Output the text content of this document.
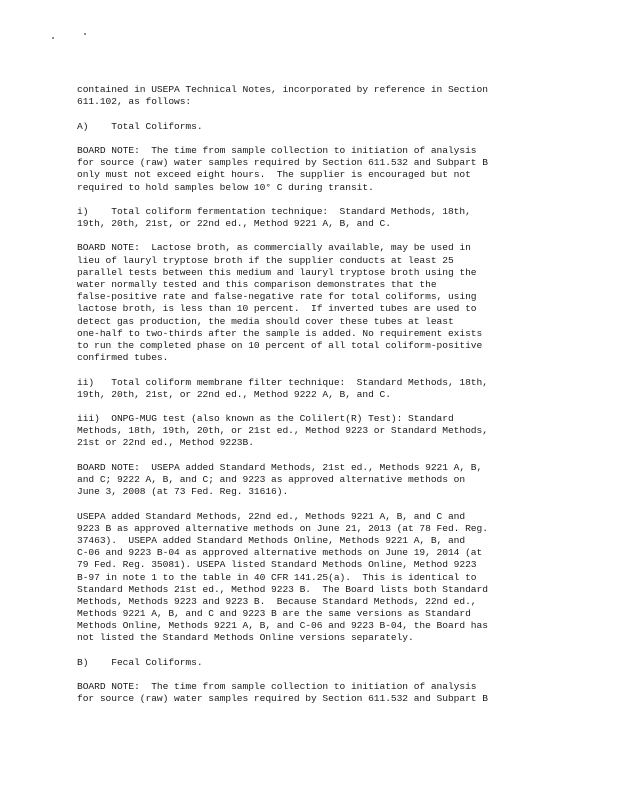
contained in USEPA Technical Notes, incorporated by reference in Section
611.102, as follows:
A)    Total Coliforms.
BOARD NOTE:  The time from sample collection to initiation of analysis
for source (raw) water samples required by Section 611.532 and Subpart B
only must not exceed eight hours.  The supplier is encouraged but not
required to hold samples below 10° C during transit.
i)    Total coliform fermentation technique:  Standard Methods, 18th,
19th, 20th, 21st, or 22nd ed., Method 9221 A, B, and C.
BOARD NOTE:  Lactose broth, as commercially available, may be used in
lieu of lauryl tryptose broth if the supplier conducts at least 25
parallel tests between this medium and lauryl tryptose broth using the
water normally tested and this comparison demonstrates that the
false-positive rate and false-negative rate for total coliforms, using
lactose broth, is less than 10 percent.  If inverted tubes are used to
detect gas production, the media should cover these tubes at least
one-half to two-thirds after the sample is added. No requirement exists
to run the completed phase on 10 percent of all total coliform-positive
confirmed tubes.
ii)   Total coliform membrane filter technique:  Standard Methods, 18th,
19th, 20th, 21st, or 22nd ed., Method 9222 A, B, and C.
iii)  ONPG-MUG test (also known as the Colilert(R) Test): Standard
Methods, 18th, 19th, 20th, or 21st ed., Method 9223 or Standard Methods,
21st or 22nd ed., Method 9223B.
BOARD NOTE:  USEPA added Standard Methods, 21st ed., Methods 9221 A, B,
and C; 9222 A, B, and C; and 9223 as approved alternative methods on
June 3, 2008 (at 73 Fed. Reg. 31616).
USEPA added Standard Methods, 22nd ed., Methods 9221 A, B, and C and
9223 B as approved alternative methods on June 21, 2013 (at 78 Fed. Reg.
37463).  USEPA added Standard Methods Online, Methods 9221 A, B, and
C-06 and 9223 B-04 as approved alternative methods on June 19, 2014 (at
79 Fed. Reg. 35081). USEPA listed Standard Methods Online, Method 9223
B-97 in note 1 to the table in 40 CFR 141.25(a).  This is identical to
Standard Methods 21st ed., Method 9223 B.  The Board lists both Standard
Methods, Methods 9223 and 9223 B.  Because Standard Methods, 22nd ed.,
Methods 9221 A, B, and C and 9223 B are the same versions as Standard
Methods Online, Methods 9221 A, B, and C-06 and 9223 B-04, the Board has
not listed the Standard Methods Online versions separately.
B)    Fecal Coliforms.
BOARD NOTE:  The time from sample collection to initiation of analysis
for source (raw) water samples required by Section 611.532 and Subpart B
